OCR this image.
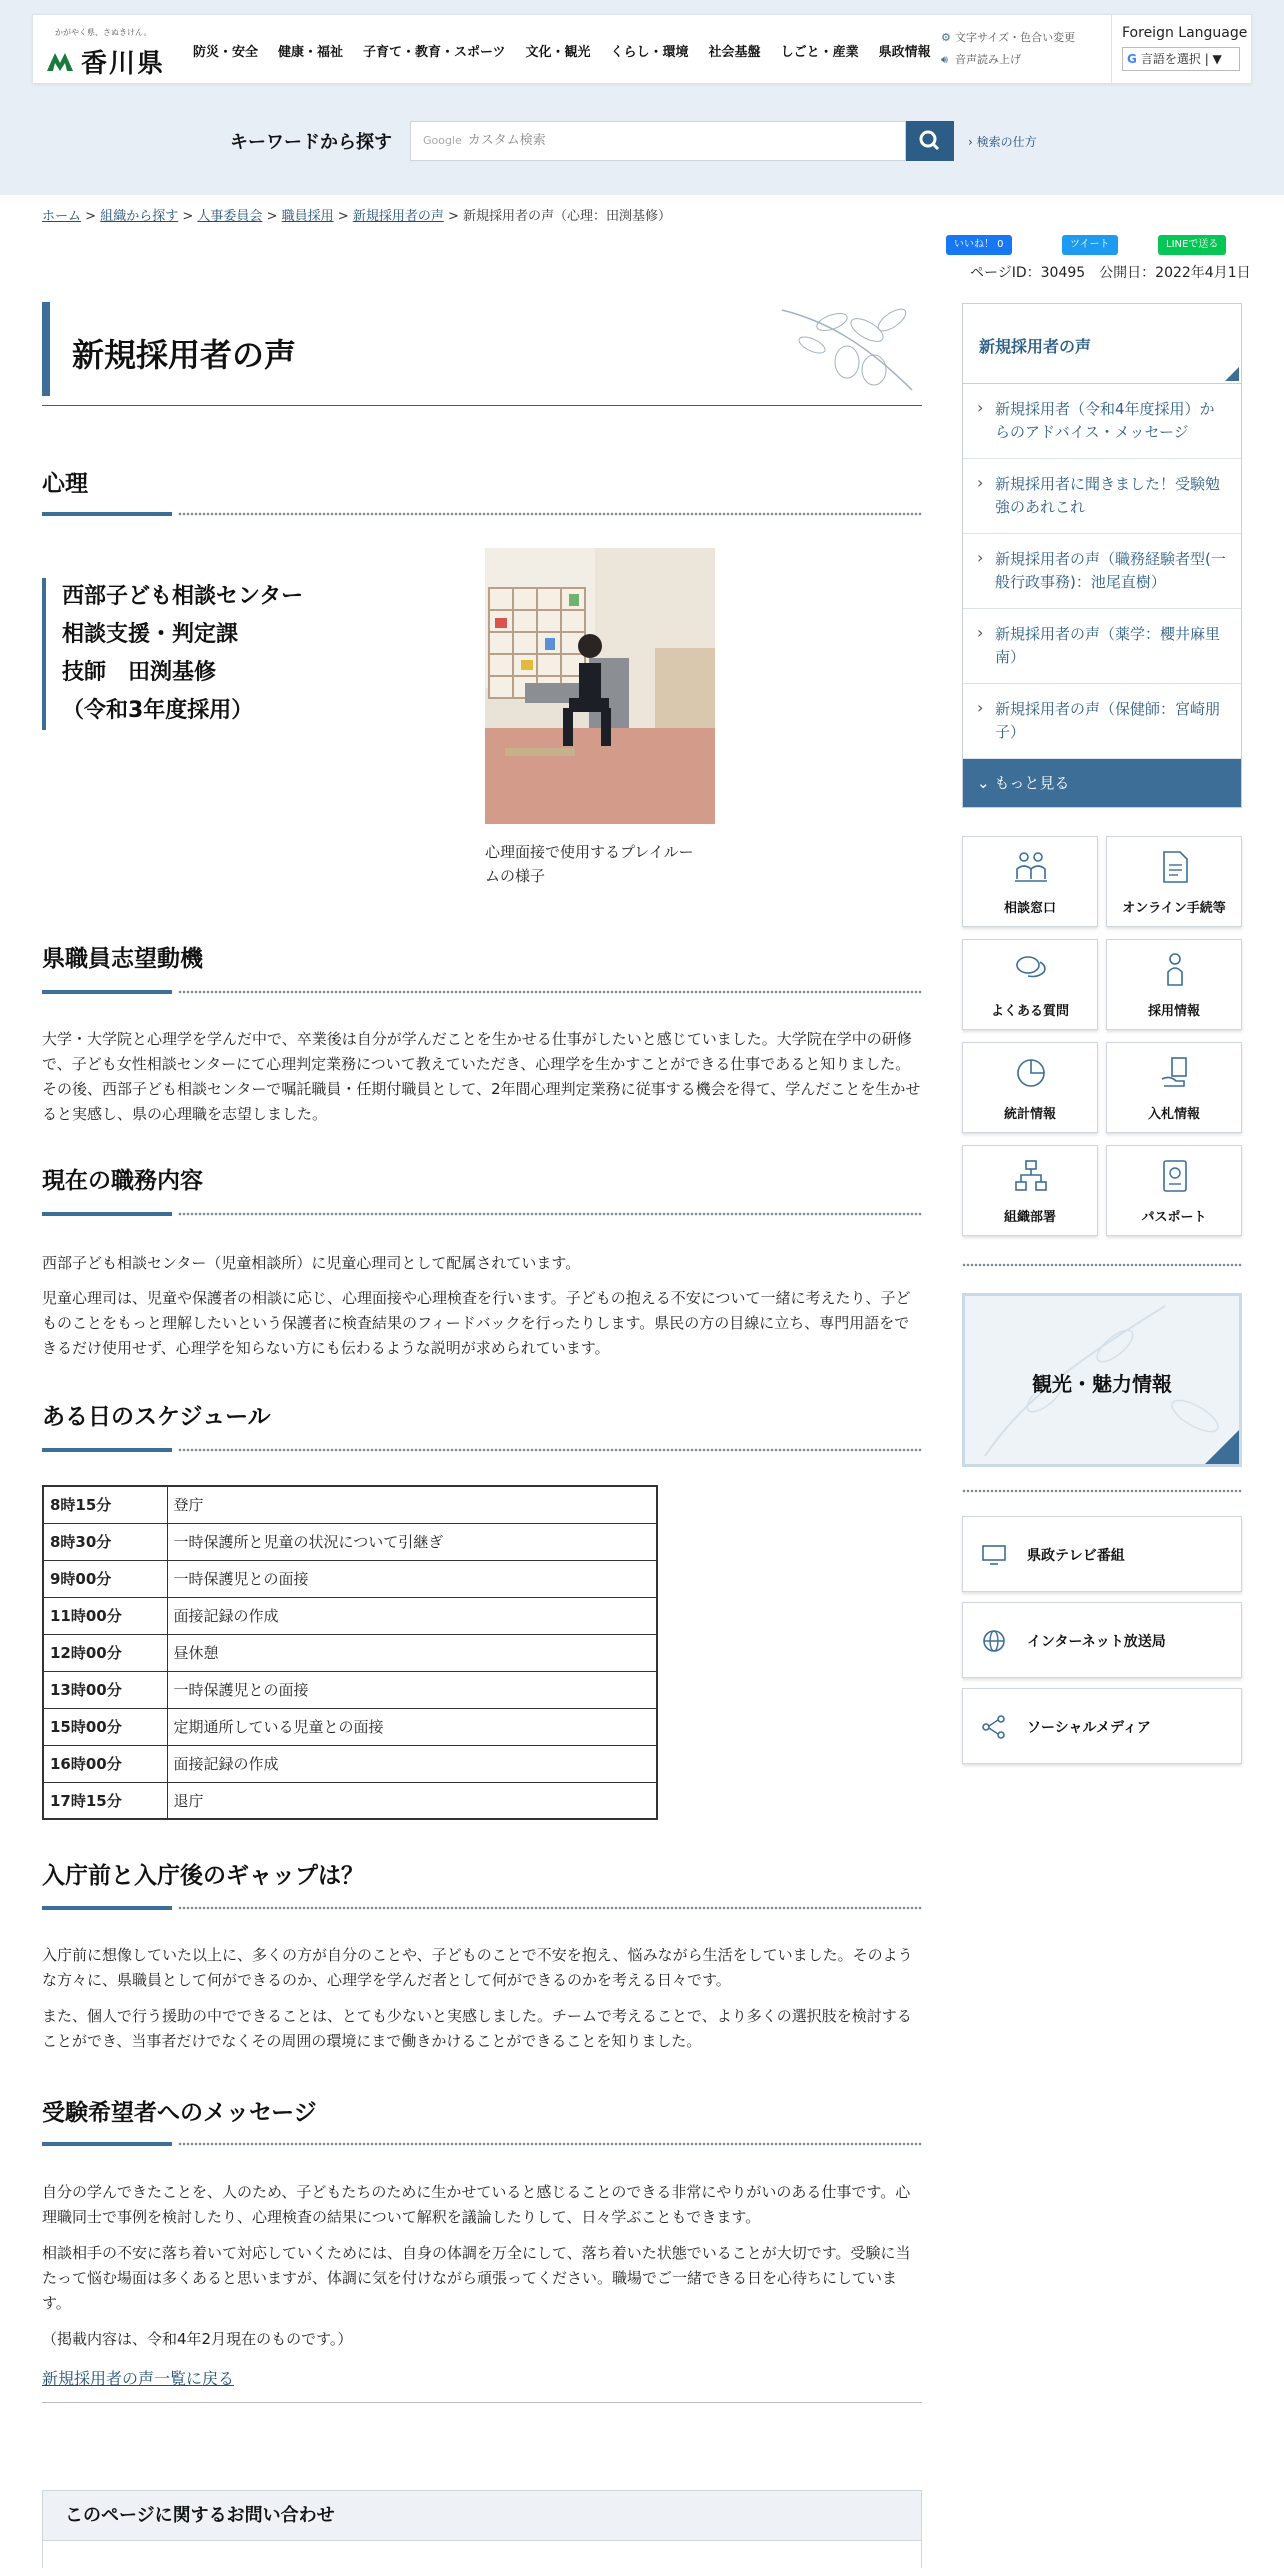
かがやく県、さぬきけん。
香川県 防災・安全 健康・福祉 子育て・教育・スポーツ 文化・観光 くらし・環境 社会基盤 しごと・産業 県政情報
⚙ 文字サイズ・色合い変更
🔊︎ 音声読み上げ
Foreign Language
G 言語を選択 | ▼
キーワードから探す	Google カスタム検索	› 検索の仕方
ホーム > 組織から探す > 人事委員会 > 職員採用 > 新規採用者の声 > 新規採用者の声（心理：田渕基修）
いいね！ 0	ツイート	LINEで送る
ページID：30495　 公開日：2022年4月1日
新規採用者の声
心理
西部子ども相談センター
相談支援・判定課
技師　田渕基修
（令和3年度採用）
心理面接で使用するプレイルームの様子
県職員志望動機

大学・大学院と心理学を学んだ中で、卒業後は自分が学んだことを生かせる仕事がしたいと感じていました。大学院在学中の研修で、子ども女性相談センターにて心理判定業務について教えていただき、心理学を生かすことができる仕事であると知りました。その後、西部子ども相談センターで嘱託職員・任期付職員として、2年間心理判定業務に従事する機会を得て、学んだことを生かせると実感し、県の心理職を志望しました。

現在の職務内容

西部子ども相談センター（児童相談所）に児童心理司として配属されています。

児童心理司は、児童や保護者の相談に応じ、心理面接や心理検査を行います。子どもの抱える不安について一緒に考えたり、子どものことをもっと理解したいという保護者に検査結果のフィードバックを行ったりします。県民の方の目線に立ち、専門用語をできるだけ使用せず、心理学を知らない方にも伝わるような説明が求められています。

ある日のスケジュール
8時15分	登庁
8時30分	一時保護所と児童の状況について引継ぎ
9時00分	一時保護児との面接
11時00分	面接記録の作成
12時00分	昼休憩
13時00分	一時保護児との面接
15時00分	定期通所している児童との面接
16時00分	面接記録の作成
17時15分	退庁
入庁前と入庁後のギャップは？

入庁前に想像していた以上に、多くの方が自分のことや、子どものことで不安を抱え、悩みながら生活をしていました。そのような方々に、県職員として何ができるのか、心理学を学んだ者として何ができるのかを考える日々です。

また、個人で行う援助の中でできることは、とても少ないと実感しました。チームで考えることで、より多くの選択肢を検討することができ、当事者だけでなくその周囲の環境にまで働きかけることができることを知りました。

受験希望者へのメッセージ

自分の学んできたことを、人のため、子どもたちのために生かせていると感じることのできる非常にやりがいのある仕事です。心理職同士で事例を検討したり、心理検査の結果について解釈を議論したりして、日々学ぶこともできます。

相談相手の不安に落ち着いて対応していくためには、自身の体調を万全にして、落ち着いた状態でいることが大切です。受験に当たって悩む場面は多くあると思いますが、体調に気を付けながら頑張ってください。職場でご一緒できる日を心待ちにしています。

（掲載内容は、令和4年2月現在のものです。）

新規採用者の声一覧に戻る
このページに関するお問い合わせ
新規採用者の声
› 新規採用者（令和4年度採用）からのアドバイス・メッセージ
› 新規採用者に聞きました！受験勉強のあれこれ
› 新規採用者の声（職務経験者型(一般行政事務)：池尾直樹）
› 新規採用者の声（薬学：櫻井麻里南）
› 新規採用者の声（保健師：宮崎朋子）
⌄ もっと見る
相談窓口	オンライン手続等
よくある質問	採用情報
統計情報	入札情報
組織部署	パスポート
観光・魅力情報
県政テレビ番組
インターネット放送局
ソーシャルメディア
